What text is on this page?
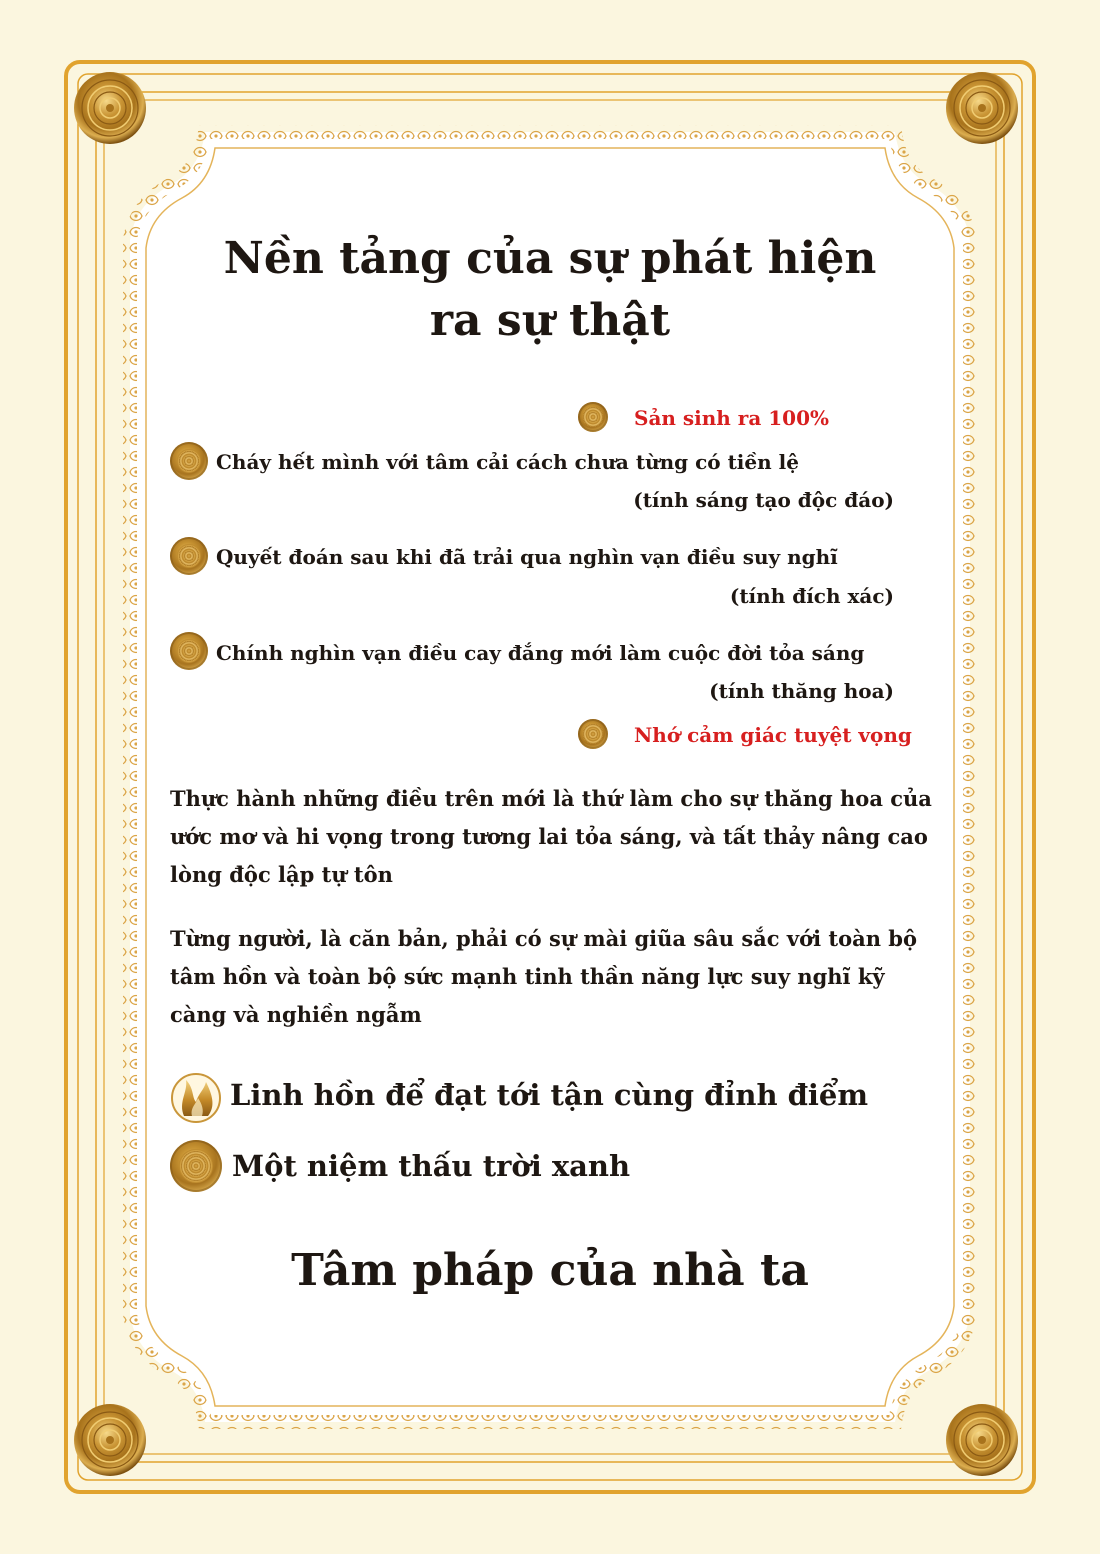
Nền tảng của sự phát hiện
ra sự thật
Sản sinh ra 100%
Cháy hết mình với tâm cải cách chưa từng có tiền lệ
(tính sáng tạo độc đáo)
Quyết đoán sau khi đã trải qua nghìn vạn điều suy nghĩ
(tính đích xác)
Chính nghìn vạn điều cay đắng mới làm cuộc đời tỏa sáng
(tính thăng hoa)
Nhớ cảm giác tuyệt vọng

Thực hành những điều trên mới là thứ làm cho sự thăng hoa của ước mơ và hi vọng trong tương lai tỏa sáng, và tất thảy nâng cao lòng độc lập tự tôn

Từng người, là căn bản, phải có sự mài giũa sâu sắc với toàn bộ tâm hồn và toàn bộ sức mạnh tinh thần năng lực suy nghĩ kỹ càng và nghiền ngẫm

Linh hồn để đạt tới tận cùng đỉnh điểm
Một niệm thấu trời xanh
Tâm pháp của nhà ta
